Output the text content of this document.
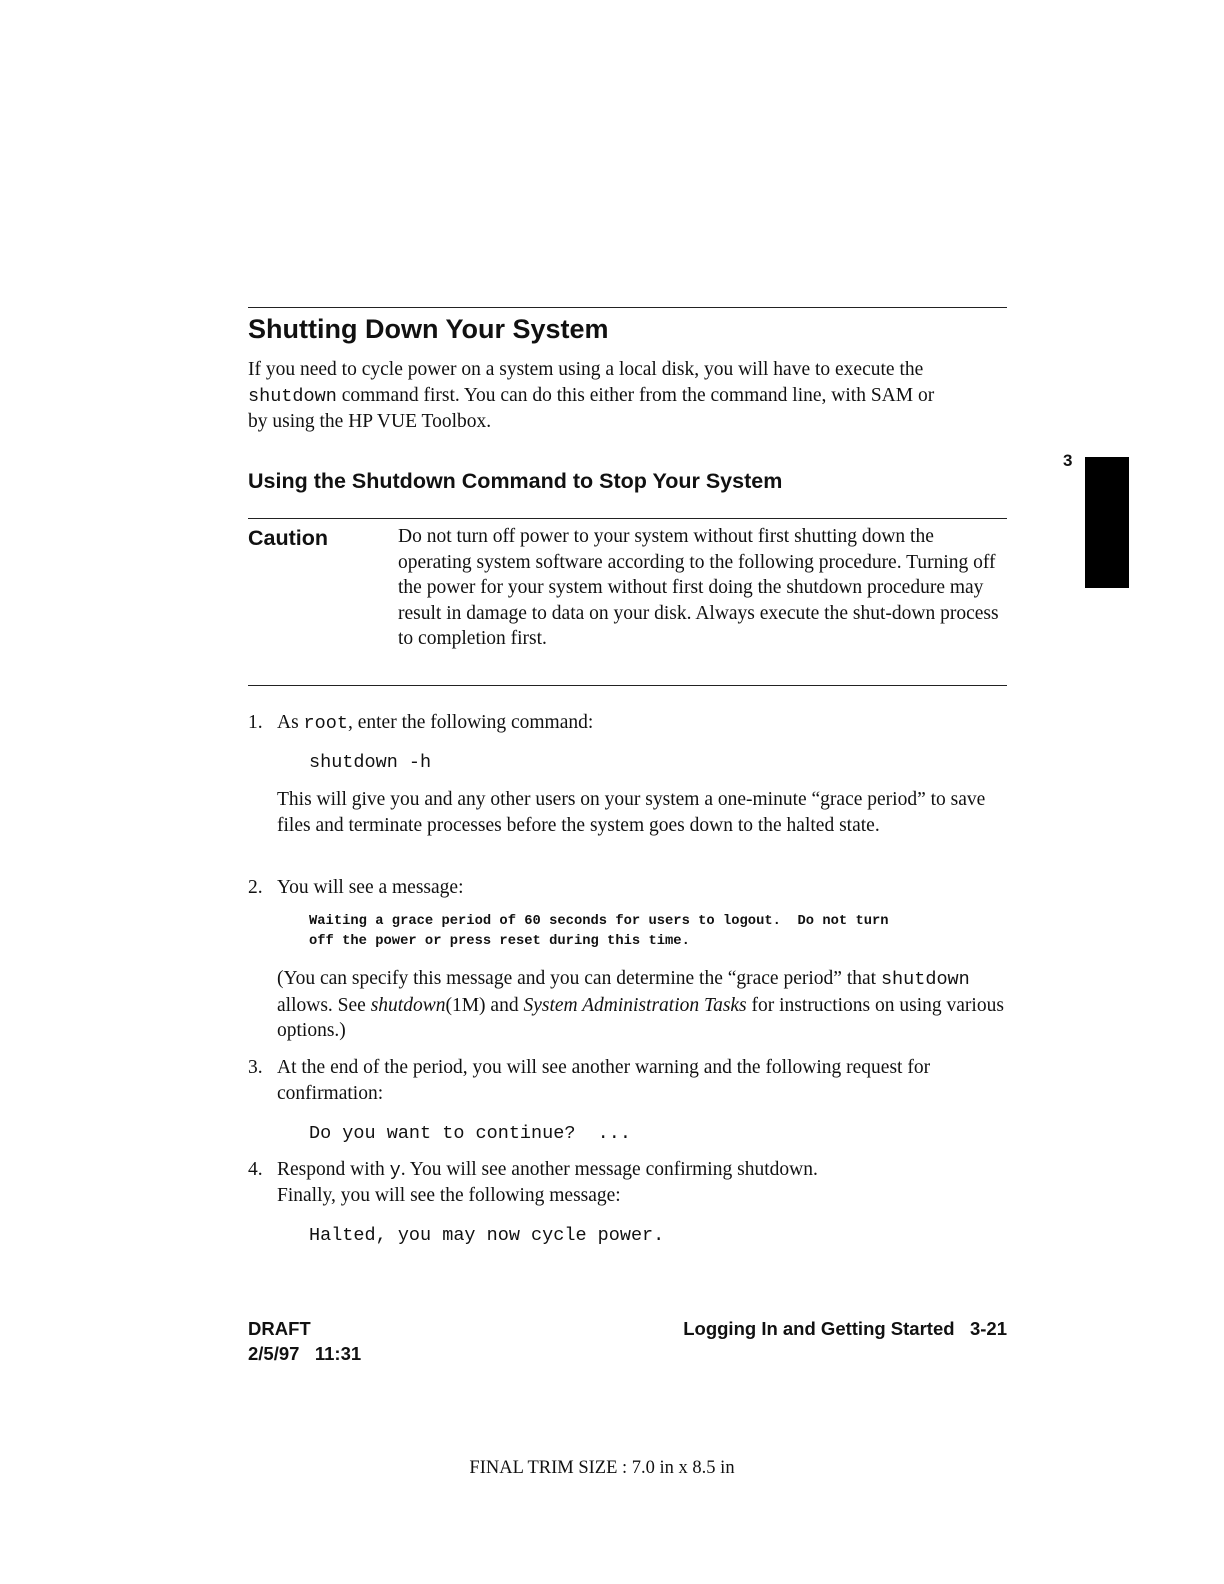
Shutting Down Your System
If you need to cycle power on a system using a local disk, you will have to execute the shutdown command first. You can do this either from the command line, with SAM or by using the HP VUE Toolbox.
3
Using the Shutdown Command to Stop Your System
Caution	Do not turn off power to your system without first shutting down the operating system software according to the following procedure. Turning off the power for your system without first doing the shutdown procedure may result in damage to data on your disk. Always execute the shut-down process to completion first.
1. As root, enter the following command:
shutdown -h
This will give you and any other users on your system a one-minute “grace period” to save files and terminate processes before the system goes down to the halted state.
2. You will see a message:
Waiting a grace period of 60 seconds for users to logout.  Do not turn
off the power or press reset during this time.
(You can specify this message and you can determine the “grace period” that shutdown allows. See shutdown(1M) and System Administration Tasks for instructions on using various options.)
3. At the end of the period, you will see another warning and the following request for confirmation:
Do you want to continue?  ...
4. Respond with y. You will see another message confirming shutdown.
Finally, you will see the following message:
Halted, you may now cycle power.
DRAFT
2/5/97 11:31
Logging In and Getting Started 3-21
FINAL TRIM SIZE : 7.0 in x 8.5 in
